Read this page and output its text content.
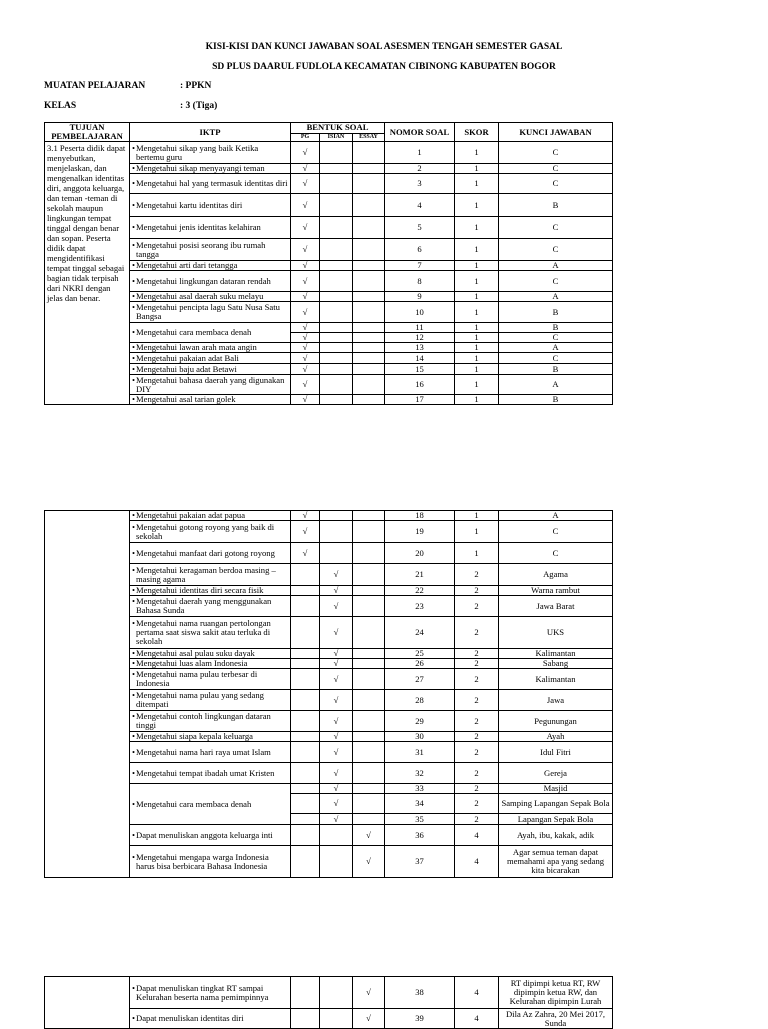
KISI-KISI DAN KUNCI JAWABAN SOAL ASESMEN TENGAH SEMESTER GASAL
SD PLUS DAARUL FUDLOLA KECAMATAN CIBINONG KABUPATEN BOGOR
MUATAN PELAJARAN	: PPKN
KELAS	: 3 (Tiga)
TUJUAN PEMBELAJARAN	IKTP	BENTUK SOAL			NOMOR SOAL	SKOR	KUNCI JAWABAN
		PG	ISIAN	ESSAY			
3.1 Peserta didik dapat menyebutkan, menjelaskan, dan mengenalkan identitas diri, anggota keluarga, dan teman -teman di sekolah maupun lingkungan tempat tinggal dengan benar dan sopan. Peserta didik dapat mengidentifikasi tempat tinggal sebagai bagian tidak terpisah dari NKRI dengan jelas dan benar.	• Mengetahui sikap yang baik Ketika bertemu guru	√			1	1	C
	• Mengetahui sikap menyayangi teman	√			2	1	C
	• Mengetahui hal yang termasuk identitas diri	√			3	1	C
	• Mengetahui kartu identitas diri	√			4	1	B
	• Mengetahui jenis identitas kelahiran	√			5	1	C
	• Mengetahui posisi seorang ibu rumah tangga	√			6	1	C
	• Mengetahui arti dari tetangga	√			7	1	A
	• Mengetahui lingkungan dataran rendah	√			8	1	C
	• Mengetahui asal daerah suku melayu	√			9	1	A
	• Mengetahui pencipta lagu Satu Nusa Satu Bangsa	√			10	1	B
	• Mengetahui cara membaca denah	√			11	1	B
		√			12	1	C
	• Mengetahui lawan arah mata angin	√			13	1	A
	• Mengetahui pakaian adat Bali	√			14	1	C
	• Mengetahui baju adat Betawi	√			15	1	B
	• Mengetahui bahasa daerah yang digunakan DIY	√			16	1	A
	• Mengetahui asal tarian golek	√			17	1	B
	• Mengetahui pakaian adat papua	√			18	1	A
	• Mengetahui gotong royong yang baik di sekolah	√			19	1	C
	• Mengetahui manfaat dari gotong royong	√			20	1	C
	• Mengetahui keragaman berdoa masing – masing agama		√		21	2	Agama
	• Mengetahui identitas diri secara fisik		√		22	2	Warna rambut
	• Mengetahui daerah yang menggunakan Bahasa Sunda		√		23	2	Jawa Barat
	• Mengetahui nama ruangan pertolongan pertama saat siswa sakit atau terluka di sekolah		√		24	2	UKS
	• Mengetahui asal pulau suku dayak		√		25	2	Kalimantan
	• Mengetahui luas alam Indonesia		√		26	2	Sabang
	• Mengetahui nama pulau terbesar di Indonesia		√		27	2	Kalimantan
	• Mengetahui nama pulau yang sedang ditempati		√		28	2	Jawa
	• Mengetahui contoh lingkungan dataran tinggi		√		29	2	Pegunungan
	• Mengetahui siapa kepala keluarga		√		30	2	Ayah
	• Mengetahui nama hari raya umat Islam		√		31	2	Idul Fitri
	• Mengetahui tempat ibadah umat Kristen		√		32	2	Gereja
	• Mengetahui cara membaca denah		√		33	2	Masjid
			√		34	2	Samping Lapangan Sepak Bola
			√		35	2	Lapangan Sepak Bola
	• Dapat menuliskan anggota keluarga inti			√	36	4	Ayah, ibu, kakak, adik
	• Mengetahui mengapa warga Indonesia harus bisa berbicara Bahasa Indonesia			√	37	4	Agar semua teman dapat memahami apa yang sedang kita bicarakan
	• Dapat menuliskan tingkat RT sampai Kelurahan beserta nama pemimpinnya			√	38	4	RT dipimpi ketua RT, RW dipimpin ketua RW, dan Kelurahan dipimpin Lurah
	• Dapat menuliskan identitas diri			√	39	4	Dila Az Zahra, 20 Mei 2017, Sunda
